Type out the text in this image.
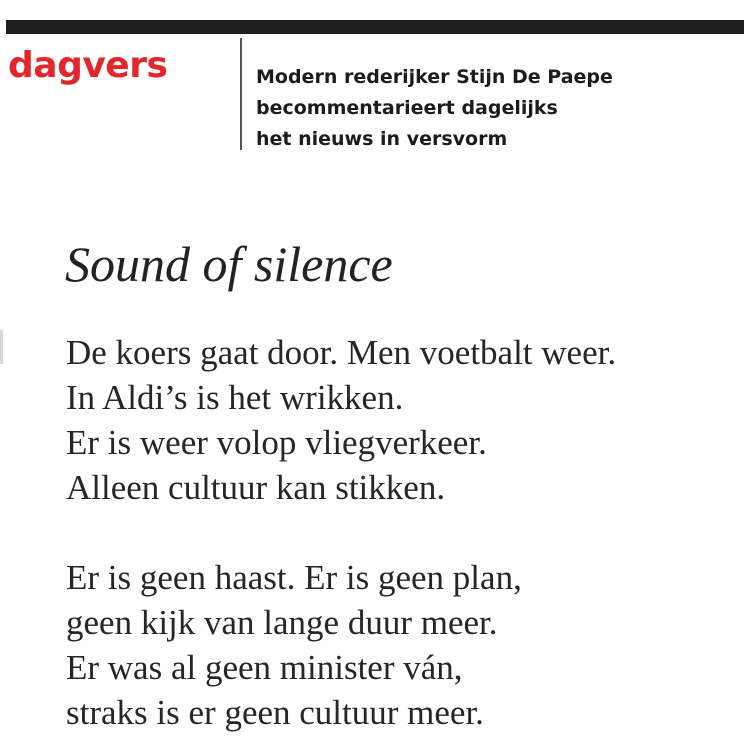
dagvers	Modern rederijker Stijn De Paepe
becommentarieert dagelijks
het nieuws in versvorm
Sound of silence
De koers gaat door. Men voetbalt weer.
In Aldi’s is het wrikken.
Er is weer volop vliegverkeer.
Alleen cultuur kan stikken.
Er is geen haast. Er is geen plan,
geen kijk van lange duur meer.
Er was al geen minister ván,
straks is er geen cultuur meer.
